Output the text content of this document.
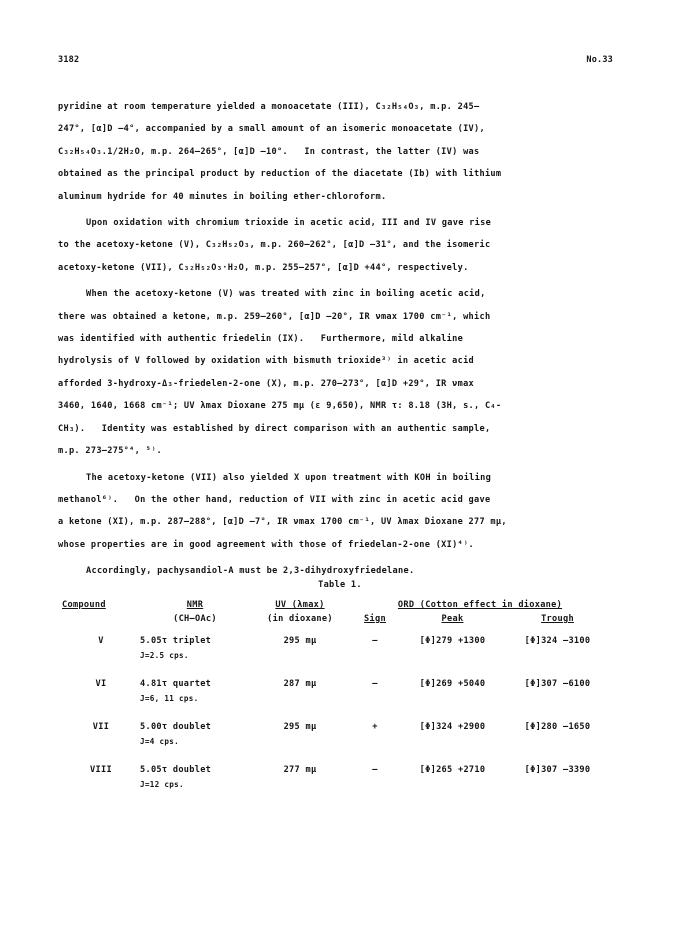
3182	No.33

pyridine at room temperature yielded a monoacetate (III), C₃₂H₅₄O₃, m.p. 245–

247°, [α]D –4°, accompanied by a small amount of an isomeric monoacetate (IV),

C₃₂H₅₄O₃.1/2H₂O, m.p. 264–265°, [α]D –10°.   In contrast, the latter (IV) was

obtained as the principal product by reduction of the diacetate (Ib) with lithium

aluminum hydride for 40 minutes in boiling ether-chloroform.

Upon oxidation with chromium trioxide in acetic acid, III and IV gave rise

to the acetoxy-ketone (V), C₃₂H₅₂O₃, m.p. 260–262°, [α]D –31°, and the isomeric

acetoxy-ketone (VII), C₃₂H₅₂O₃·H₂O, m.p. 255–257°, [α]D +44°, respectively.

When the acetoxy-ketone (V) was treated with zinc in boiling acetic acid,

there was obtained a ketone, m.p. 259–260°, [α]D –20°, IR νmax 1700 cm⁻¹, which

was identified with authentic friedelin (IX).   Furthermore, mild alkaline

hydrolysis of V followed by oxidation with bismuth trioxide³⁾ in acetic acid

afforded 3-hydroxy-Δ₃-friedelen-2-one (X), m.p. 270–273°, [α]D +29°, IR νmax

3460, 1640, 1668 cm⁻¹; UV λmax Dioxane 275 mμ (ε 9,650), NMR τ: 8.18 (3H, s., C₄-

CH₃).   Identity was established by direct comparison with an authentic sample,

m.p. 273–275°⁴, ⁵⁾.

The acetoxy-ketone (VII) also yielded X upon treatment with KOH in boiling

methanol⁶⁾.   On the other hand, reduction of VII with zinc in acetic acid gave

a ketone (XI), m.p. 287–288°, [α]D –7°, IR νmax 1700 cm⁻¹, UV λmax Dioxane 277 mμ,

whose properties are in good agreement with those of friedelan-2-one (XI)⁴⁾.

Accordingly, pachysandiol-A must be 2,3-dihydroxyfriedelane.

Table 1.
Compound	NMR	UV (λmax)	ORD (Cotton effect in dioxane)		
	(CH–OAc)	(in dioxane)	Sign	Peak	Trough
V	5.05τ triplet	295 mμ	–	[Φ]279 +1300	[Φ]324 –3100
	J=2.5 cps.				
VI	4.81τ quartet	287 mμ	–	[Φ]269 +5040	[Φ]307 –6100
	J=6, 11 cps.				
VII	5.00τ doublet	295 mμ	+	[Φ]324 +2900	[Φ]280 –1650
	J=4 cps.				
VIII	5.05τ doublet	277 mμ	–	[Φ]265 +2710	[Φ]307 –3390
	J=12 cps.				
